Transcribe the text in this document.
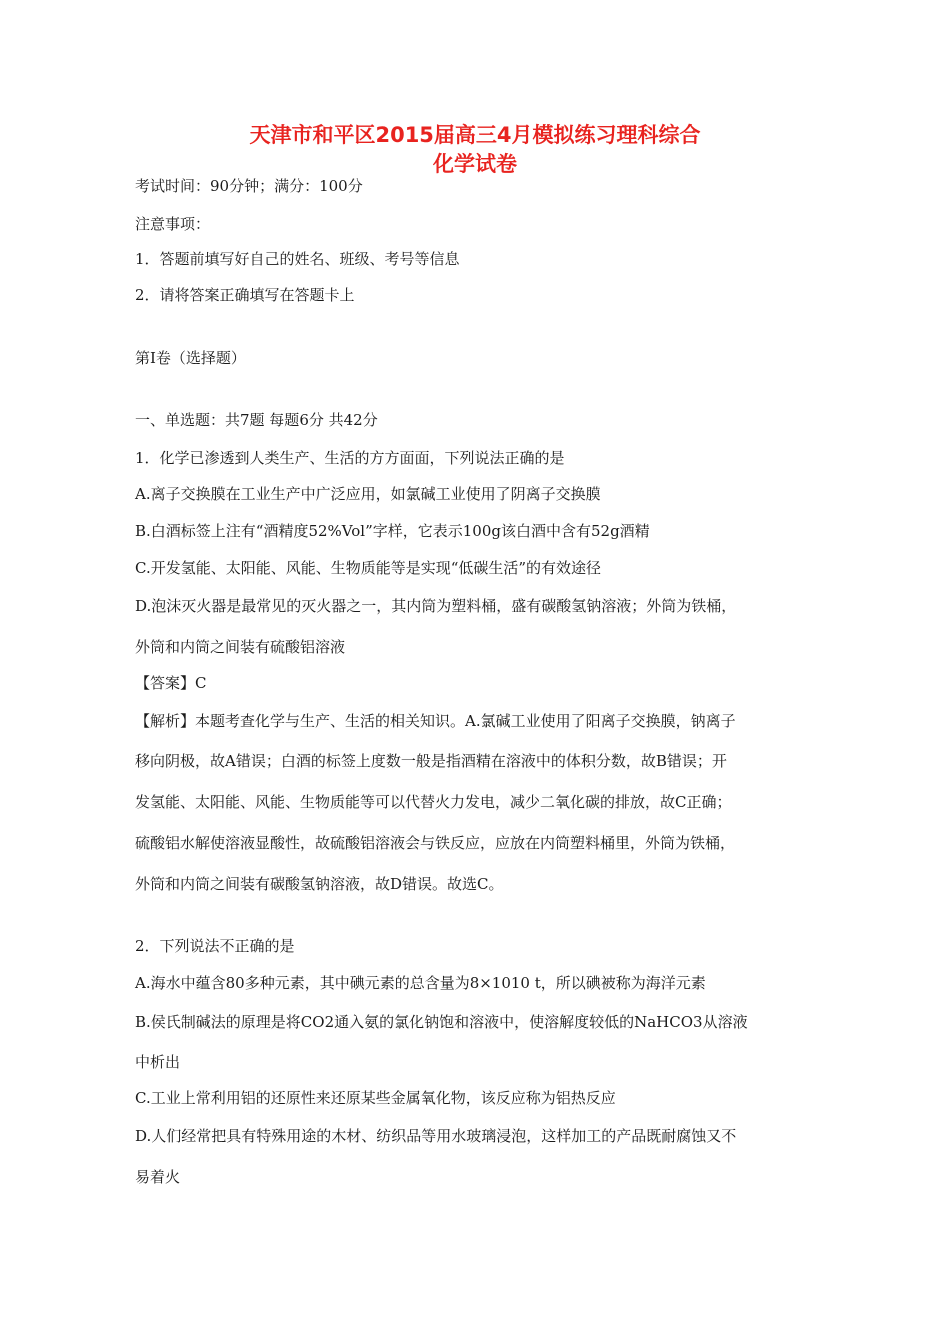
天津市和平区2015届高三4月模拟练习理科综合
化学试卷

考试时间：90分钟；满分：100分

注意事项：

1．答题前填写好自己的姓名、班级、考号等信息

2．请将答案正确填写在答题卡上

第I卷（选择题）

一、单选题：共7题 每题6分 共42分

1．化学已渗透到人类生产、生活的方方面面，下列说法正确的是

A.离子交换膜在工业生产中广泛应用，如氯碱工业使用了阴离子交换膜

B.白酒标签上注有“酒精度52%Vol”字样，它表示100g该白酒中含有52g酒精

C.开发氢能、太阳能、风能、生物质能等是实现“低碳生活”的有效途径

D.泡沫灭火器是最常见的灭火器之一，其内筒为塑料桶，盛有碳酸氢钠溶液；外筒为铁桶，

外筒和内筒之间装有硫酸铝溶液

【答案】C

【解析】本题考查化学与生产、生活的相关知识。A.氯碱工业使用了阳离子交换膜，钠离子

移向阴极，故A错误；白酒的标签上度数一般是指酒精在溶液中的体积分数，故B错误；开

发氢能、太阳能、风能、生物质能等可以代替火力发电，减少二氧化碳的排放，故C正确；

硫酸铝水解使溶液显酸性，故硫酸铝溶液会与铁反应，应放在内筒塑料桶里，外筒为铁桶，

外筒和内筒之间装有碳酸氢钠溶液，故D错误。故选C。

2．下列说法不正确的是

A.海水中蕴含80多种元素，其中碘元素的总含量为8×1010 t，所以碘被称为海洋元素

B.侯氏制碱法的原理是将CO2通入氨的氯化钠饱和溶液中，使溶解度较低的NaHCO3从溶液

中析出

C.工业上常利用铝的还原性来还原某些金属氧化物，该反应称为铝热反应

D.人们经常把具有特殊用途的木材、纺织品等用水玻璃浸泡，这样加工的产品既耐腐蚀又不

易着火
